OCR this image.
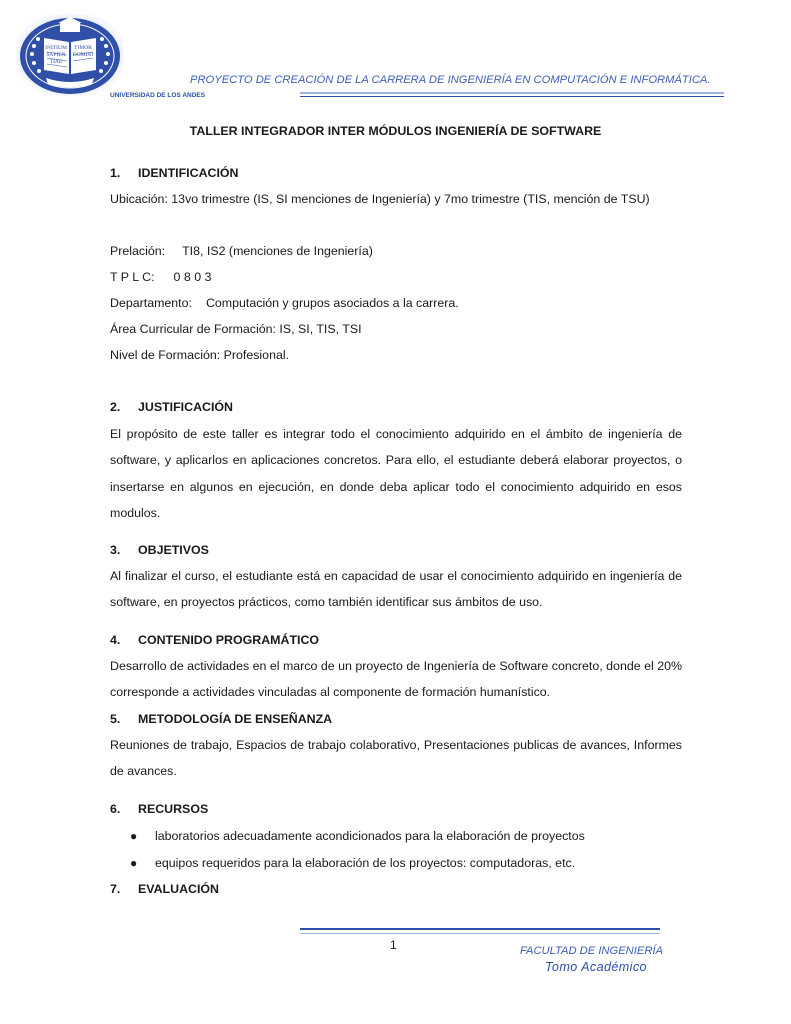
INITIUM
SAPIEN
TIAE
TIMOR
DOMINI
PROYECTO DE CREACIÓN DE LA CARRERA DE INGENIERÍA EN COMPUTACIÓN E INFORMÁTICA.
UNIVERSIDAD DE LOS ANDES
TALLER INTEGRADOR INTER MÓDULOS INGENIERÍA DE SOFTWARE
1. IDENTIFICACIÓN
Ubicación: 13vo trimestre (IS, SI menciones de Ingeniería) y 7mo trimestre (TIS, mención de TSU)
Prelación: TI8, IS2 (menciones de Ingeniería)
T P L C: 0 8 0 3
Departamento: Computación y grupos asociados a la carrera.
Área Curricular de Formación: IS, SI, TIS, TSI
Nivel de Formación: Profesional.
2. JUSTIFICACIÓN
El propósito de este taller es integrar todo el conocimiento adquirido en el ámbito de ingeniería de software, y aplicarlos en aplicaciones concretos. Para ello, el estudiante deberá elaborar proyectos, o insertarse en algunos en ejecución, en donde deba aplicar todo el conocimiento adquirido en esos modulos.
3. OBJETIVOS
Al finalizar el curso, el estudiante está en capacidad de usar el conocimiento adquirido en ingeniería de software, en proyectos prácticos, como también identificar sus ámbitos de uso.
4. CONTENIDO PROGRAMÁTICO
Desarrollo de actividades en el marco de un proyecto de Ingeniería de Software concreto, donde el 20% corresponde a actividades vinculadas al componente de formación humanístico.
5. METODOLOGÍA DE ENSEÑANZA
Reuniones de trabajo, Espacios de trabajo colaborativo, Presentaciones publicas de avances, Informes de avances.
6. RECURSOS
● laboratorios adecuadamente acondicionados para la elaboración de proyectos
● equipos requeridos para la elaboración de los proyectos: computadoras, etc.
7. EVALUACIÓN
1	FACULTAD DE INGENIERÍA
Tomo Académico
